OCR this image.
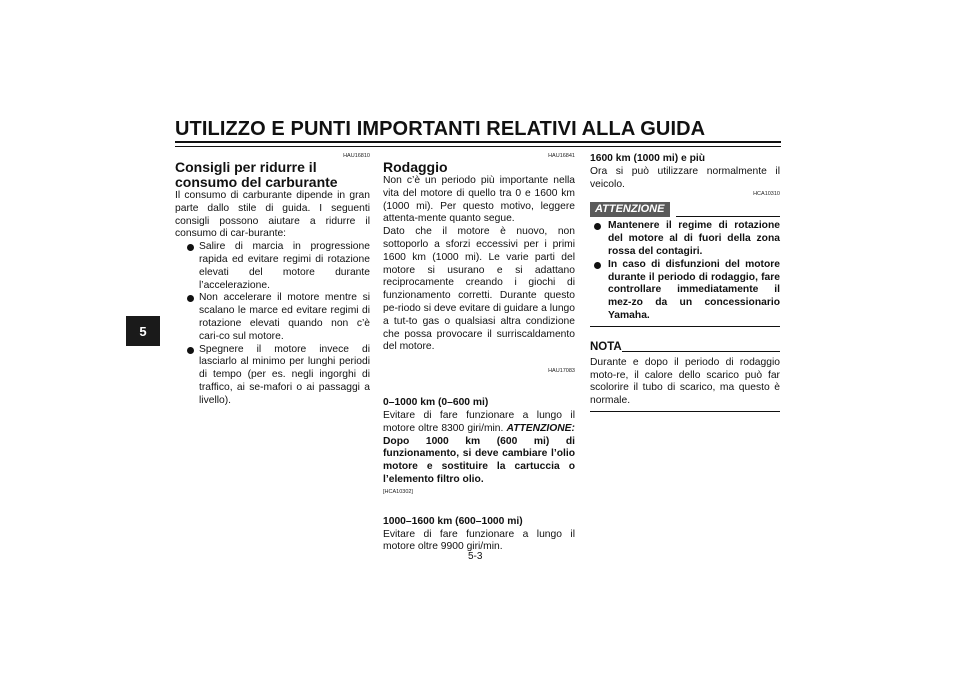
UTILIZZO E PUNTI IMPORTANTI RELATIVI ALLA GUIDA
5
HAU16810
Consigli per ridurre il consumo del carburante

Il consumo di carburante dipende in gran parte dallo stile di guida. I seguenti consigli possono aiutare a ridurre il consumo di car-burante:

Salire di marcia in progressione rapida ed evitare regimi di rotazione elevati del motore durante l’accelerazione.
Non accelerare il motore mentre si scalano le marce ed evitare regimi di rotazione elevati quando non c’è cari-co sul motore.
Spegnere il motore invece di lasciarlo al minimo per lunghi periodi di tempo (per es. negli ingorghi di traffico, ai se-mafori o ai passaggi a livello).
HAU16841
Rodaggio

Non c’è un periodo più importante nella vita del motore di quello tra 0 e 1600 km (1000 mi). Per questo motivo, leggere attenta-mente quanto segue.

Dato che il motore è nuovo, non sottoporlo a sforzi eccessivi per i primi 1600 km (1000 mi). Le varie parti del motore si usurano e si adattano reciprocamente creando i giochi di funzionamento corretti. Durante questo pe-riodo si deve evitare di guidare a lungo a tut-to gas o qualsiasi altra condizione che possa provocare il surriscaldamento del motore.

HAU17083
0–1000 km (0–600 mi)

Evitare di fare funzionare a lungo il motore oltre 8300 giri/min. ATTENZIONE: Dopo 1000 km (600 mi) di funzionamento, si deve cambiare l’olio motore e sostituire la cartuccia o l’elemento filtro olio.

[HCA10302]
1000–1600 km (600–1000 mi)

Evitare di fare funzionare a lungo il motore oltre 9900 giri/min.

1600 km (1000 mi) e più

Ora si può utilizzare normalmente il veicolo.

HCA10310
ATTENZIONE
Mantenere il regime di rotazione del motore al di fuori della zona rossa del contagiri.
In caso di disfunzioni del motore durante il periodo di rodaggio, fare controllare immediatamente il mez-zo da un concessionario Yamaha.
NOTA

Durante e dopo il periodo di rodaggio moto-re, il calore dello scarico può far scolorire il tubo di scarico, ma questo è normale.

5-3
